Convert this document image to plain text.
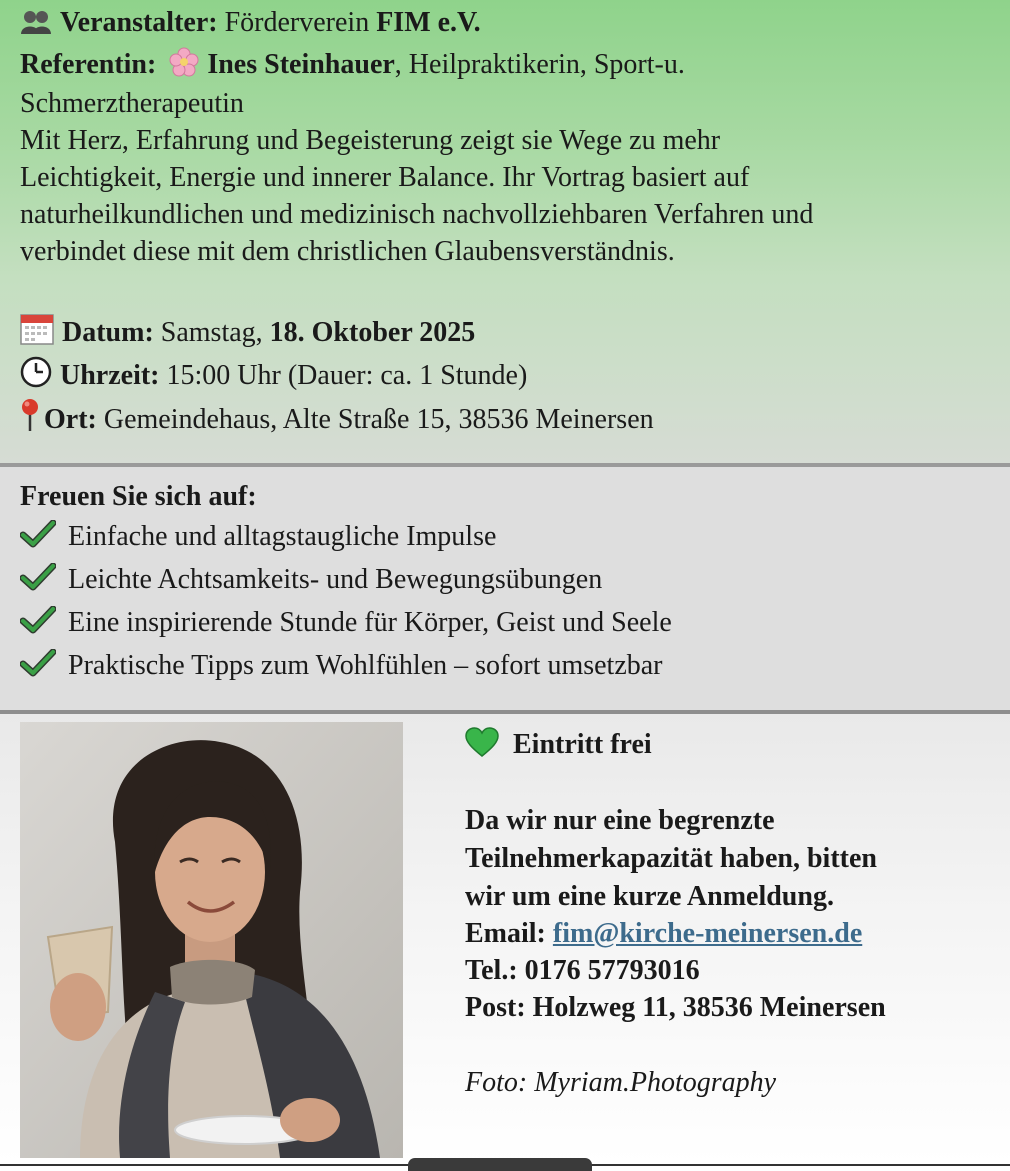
Veranstalter: Förderverein FIM e.V.
Referentin: Ines Steinhauer, Heilpraktikerin, Sport-u.
Schmerztherapeutin
Mit Herz, Erfahrung und Begeisterung zeigt sie Wege zu mehr
Leichtigkeit, Energie und innerer Balance. Ihr Vortrag basiert auf
naturheilkundlichen und medizinisch nachvollziehbaren Verfahren und
verbindet diese mit dem christlichen Glaubensverständnis.
Datum: Samstag, 18. Oktober 2025
Uhrzeit: 15:00 Uhr (Dauer: ca. 1 Stunde)
Ort: Gemeindehaus, Alte Straße 15, 38536 Meinersen
Freuen Sie sich auf:
Einfache und alltagstaugliche Impulse
Leichte Achtsamkeits- und Bewegungsübungen
Eine inspirierende Stunde für Körper, Geist und Seele
Praktische Tipps zum Wohlfühlen – sofort umsetzbar
Eintritt frei
Da wir nur eine begrenzte
Teilnehmerkapazität haben, bitten
wir um eine kurze Anmeldung.
Email: fim@kirche-meinersen.de
Tel.: 0176 57793016
Post: Holzweg 11, 38536 Meinersen
Foto: Myriam.Photography
